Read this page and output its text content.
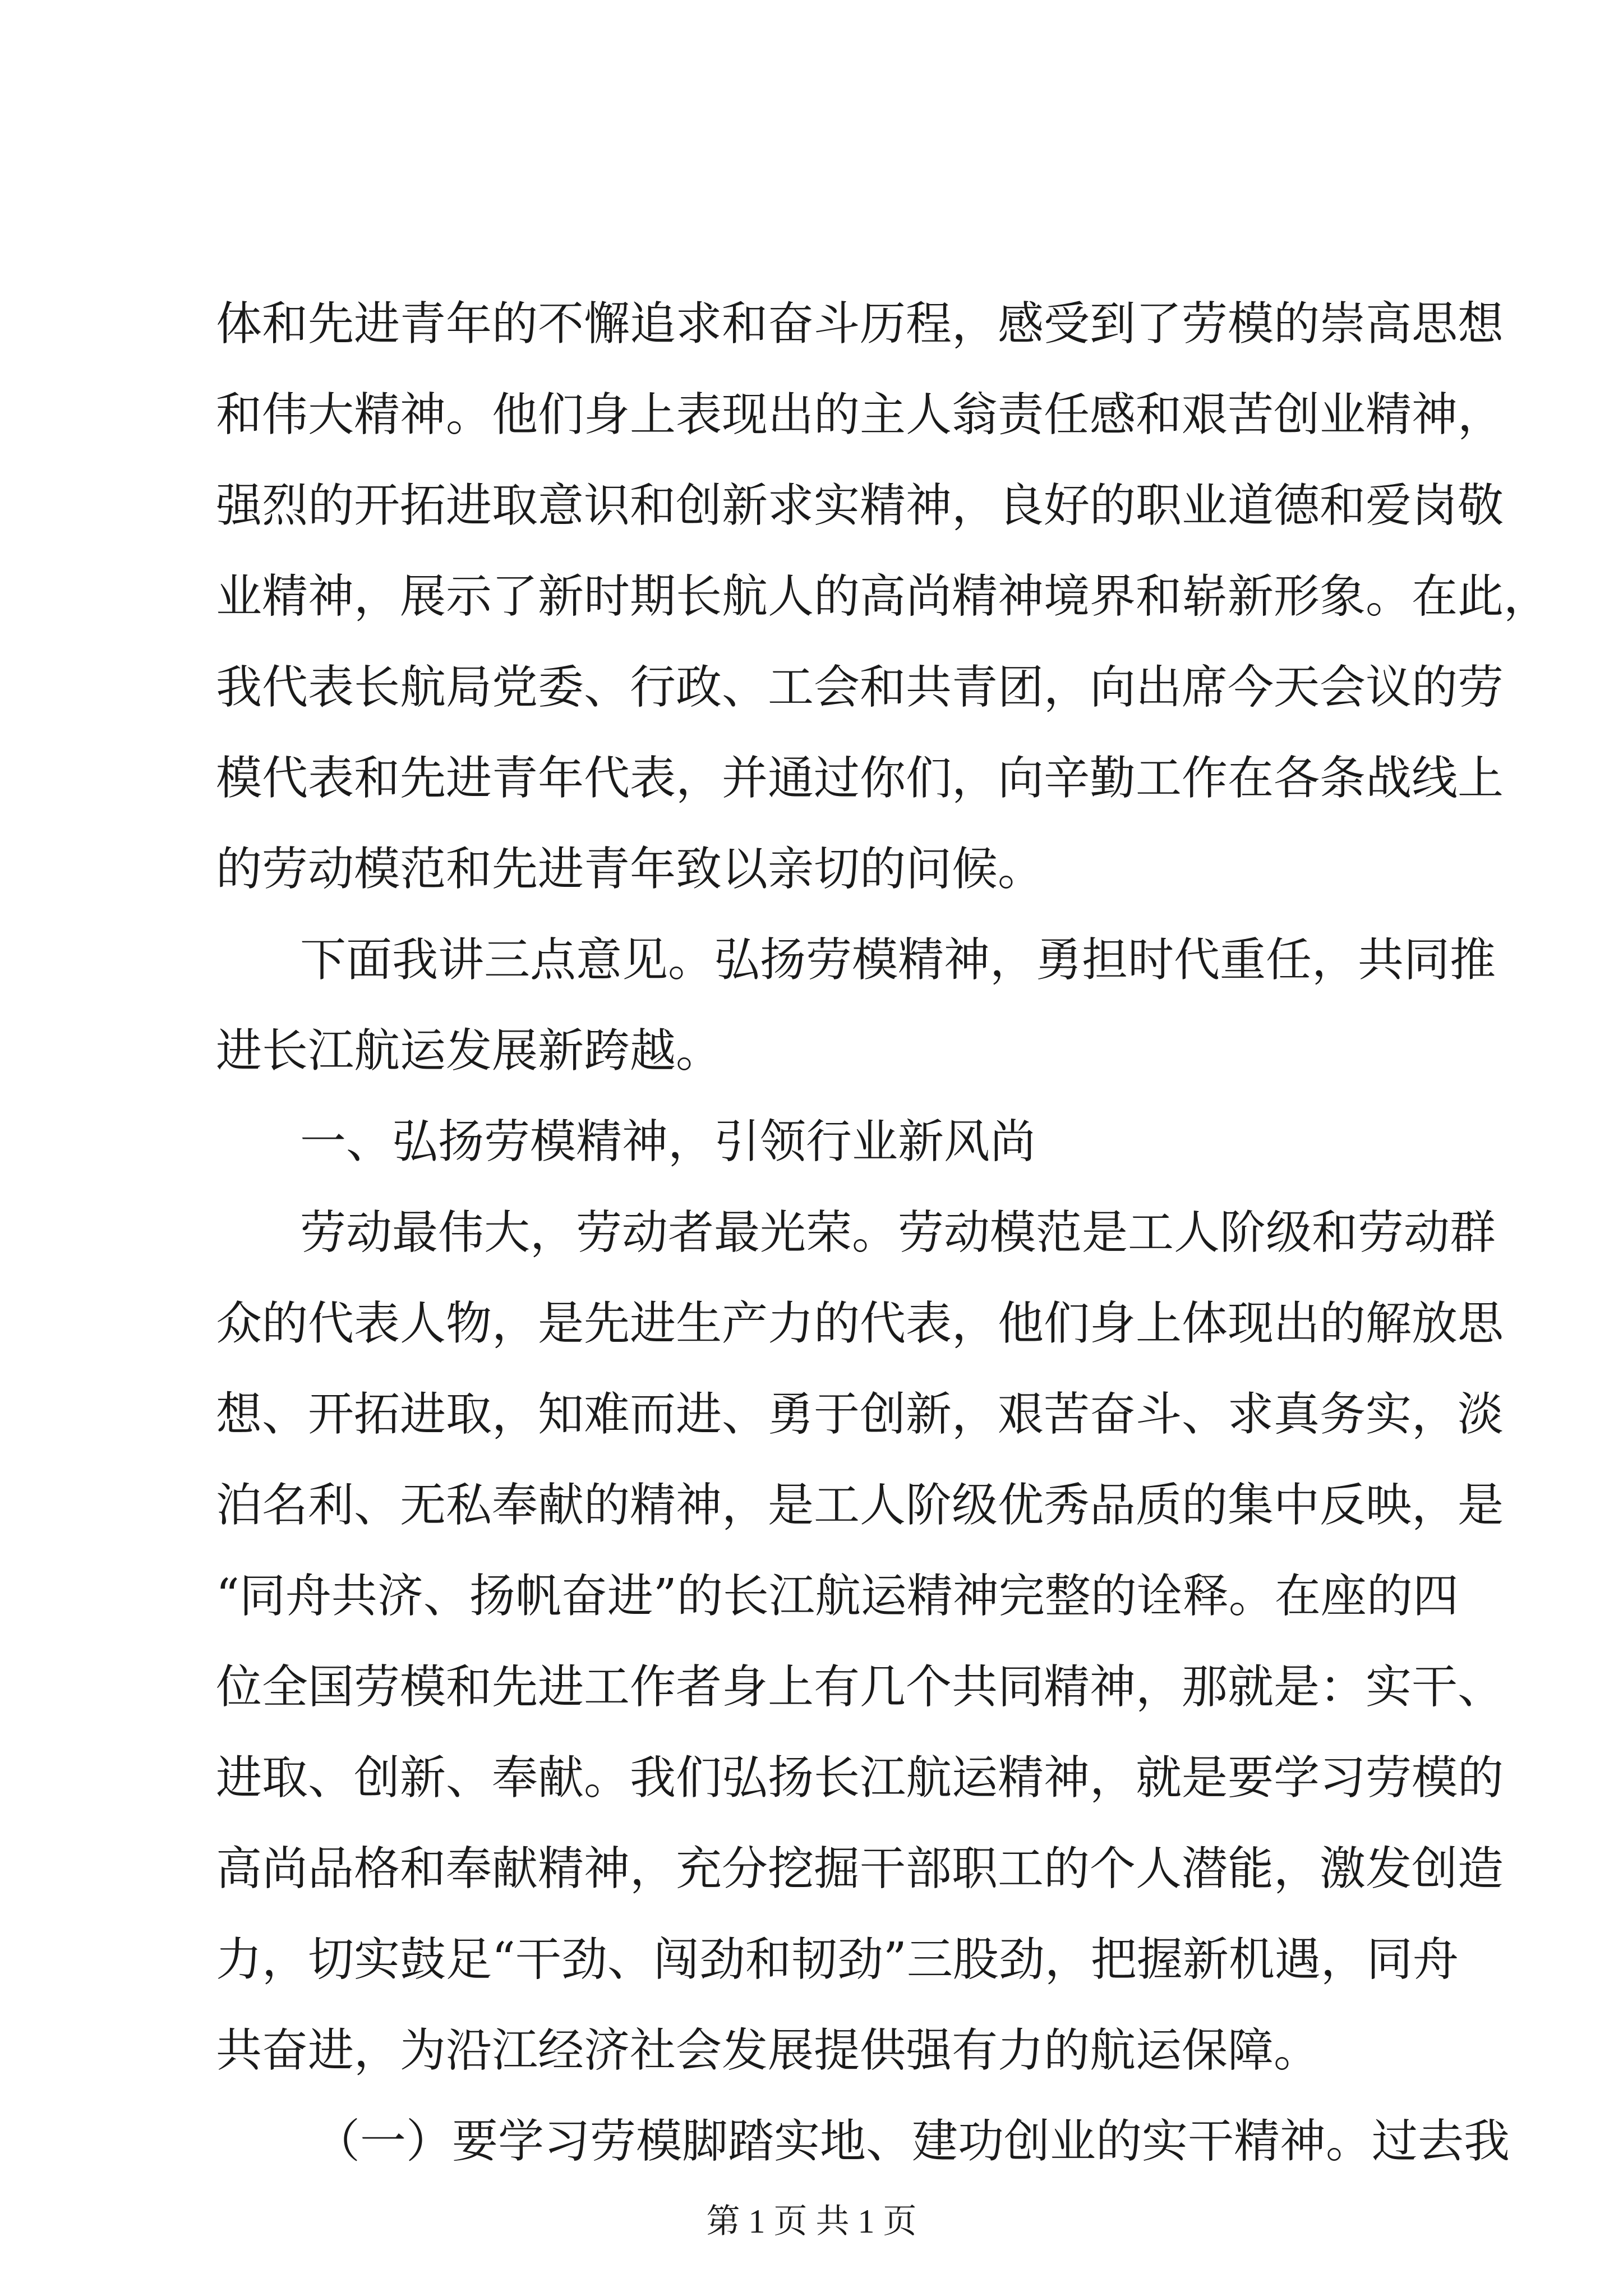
体和先进青年的不懈追求和奋斗历程，感受到了劳模的崇高思想
和伟大精神。他们身上表现出的主人翁责任感和艰苦创业精神，
强烈的开拓进取意识和创新求实精神，良好的职业道德和爱岗敬
业精神，展示了新时期长航人的高尚精神境界和崭新形象。在此，
我代表长航局党委、行政、工会和共青团，向出席今天会议的劳
模代表和先进青年代表，并通过你们，向辛勤工作在各条战线上
的劳动模范和先进青年致以亲切的问候。
下面我讲三点意见。弘扬劳模精神，勇担时代重任，共同推
进长江航运发展新跨越。
一、弘扬劳模精神，引领行业新风尚
劳动最伟大，劳动者最光荣。劳动模范是工人阶级和劳动群
众的代表人物，是先进生产力的代表，他们身上体现出的解放思
想、开拓进取，知难而进、勇于创新，艰苦奋斗、求真务实，淡
泊名利、无私奉献的精神，是工人阶级优秀品质的集中反映，是
“同舟共济、扬帆奋进”的长江航运精神完整的诠释。在座的四
位全国劳模和先进工作者身上有几个共同精神，那就是：实干、
进取、创新、奉献。我们弘扬长江航运精神，就是要学习劳模的
高尚品格和奉献精神，充分挖掘干部职工的个人潜能，激发创造
力，切实鼓足“干劲、闯劲和韧劲”三股劲，把握新机遇，同舟
共奋进，为沿江经济社会发展提供强有力的航运保障。
（一）要学习劳模脚踏实地、建功创业的实干精神。过去我
第 1 页 共 1 页
